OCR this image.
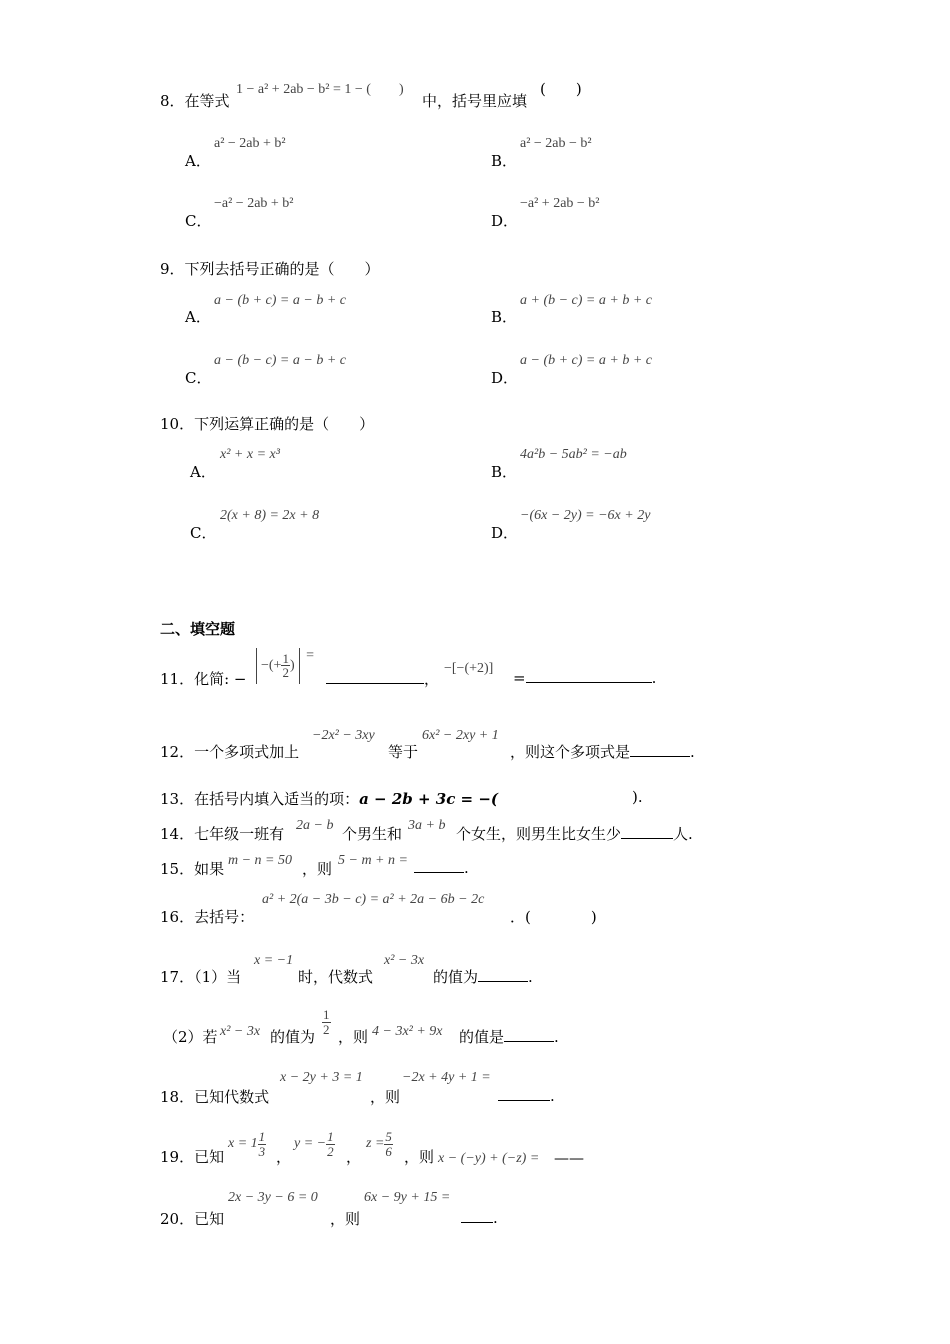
8．在等式
1 − a² + 2ab − b² = 1 − (　　)
中，括号里应填
(　　)
A．
a² − 2ab + b²
B．
a² − 2ab − b²
C．
−a² − 2ab + b²
D．
−a² + 2ab − b²
9．下列去括号正确的是（　　）
A．
a − (b + c) = a − b + c
B．
a + (b − c) = a + b + c
C．
a − (b − c) = a − b + c
D．
a − (b + c) = a + b + c
10．下列运算正确的是（　　）
A．
x² + x = x³
B．
4a²b − 5ab² = −ab
C．
2(x + 8) = 2x + 8
D．
−(6x − 2y) = −6x + 2y
二、填空题
11．化简: −
−(+ $\frac{1}{2}$ ) =
，
−[−(+2)]
=	.
12．一个多项式加上
−2x² − 3xy
等于
6x² − 2xy + 1
，则这个多项式是	.
13．在括号内填入适当的项：a − 2b + 3c = −(	).
14．七年级一班有 2a − b 个男生和 3a + b 个女生，则男生比女生少	人.
15．如果 m − n = 50 ，则 5 − m + n =	.
16．去括号：
a² + 2(a − 3b − c) = a² + 2a − 6b − 2c
．(　　　　)
17．（1）当
x = −1
时，代数式
x² − 3x
的值为	.
（2）若 x² − 3x 的值为
$\frac{1}{2}$
，则 4 − 3x² + 9x 的值是	.
18．已知代数式
x − 2y + 3 = 1
，则
−2x + 4y + 1 =
.
19．已知
$x = 1 \frac{1}{3}$ ，
y = − $\frac{1}{2}$ ，
$z = \frac{5}{6}$ ，则 x − (−y) + (−z) = ——
20．已知
2x − 3y − 6 = 0
，则
6x − 9y + 15 =
.
